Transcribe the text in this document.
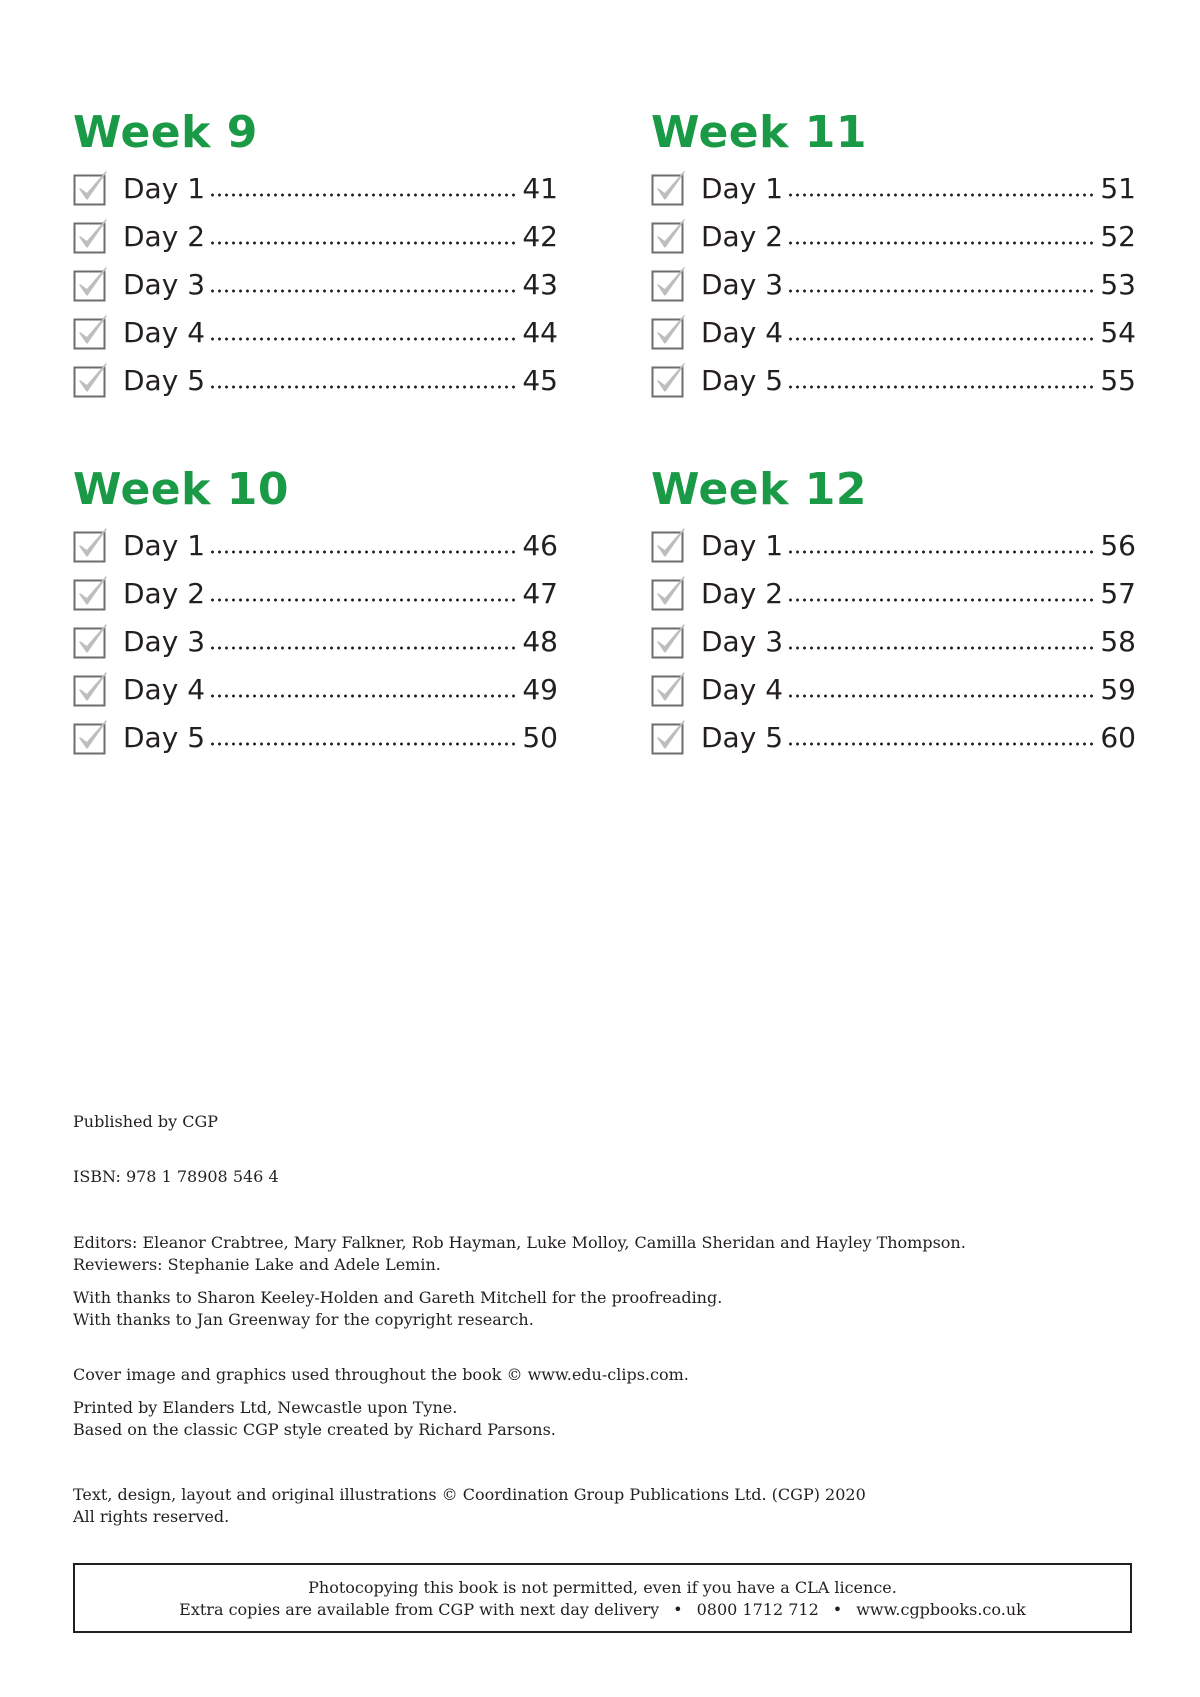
Week 9
Day 1	41
Day 2	42
Day 3	43
Day 4	44
Day 5	45
Week 11
Day 1	51
Day 2	52
Day 3	53
Day 4	54
Day 5	55
Week 10
Day 1	46
Day 2	47
Day 3	48
Day 4	49
Day 5	50
Week 12
Day 1	56
Day 2	57
Day 3	58
Day 4	59
Day 5	60
Published by CGP
ISBN: 978 1 78908 546 4
Editors: Eleanor Crabtree, Mary Falkner, Rob Hayman, Luke Molloy, Camilla Sheridan and Hayley Thompson.
Reviewers: Stephanie Lake and Adele Lemin.
With thanks to Sharon Keeley-Holden and Gareth Mitchell for the proofreading.
With thanks to Jan Greenway for the copyright research.
Cover image and graphics used throughout the book © www.edu-clips.com.
Printed by Elanders Ltd, Newcastle upon Tyne.
Based on the classic CGP style created by Richard Parsons.
Text, design, layout and original illustrations © Coordination Group Publications Ltd. (CGP) 2020
All rights reserved.
Photocopying this book is not permitted, even if you have a CLA licence.
Extra copies are available from CGP with next day delivery • 0800 1712 712 • www.cgpbooks.co.uk
